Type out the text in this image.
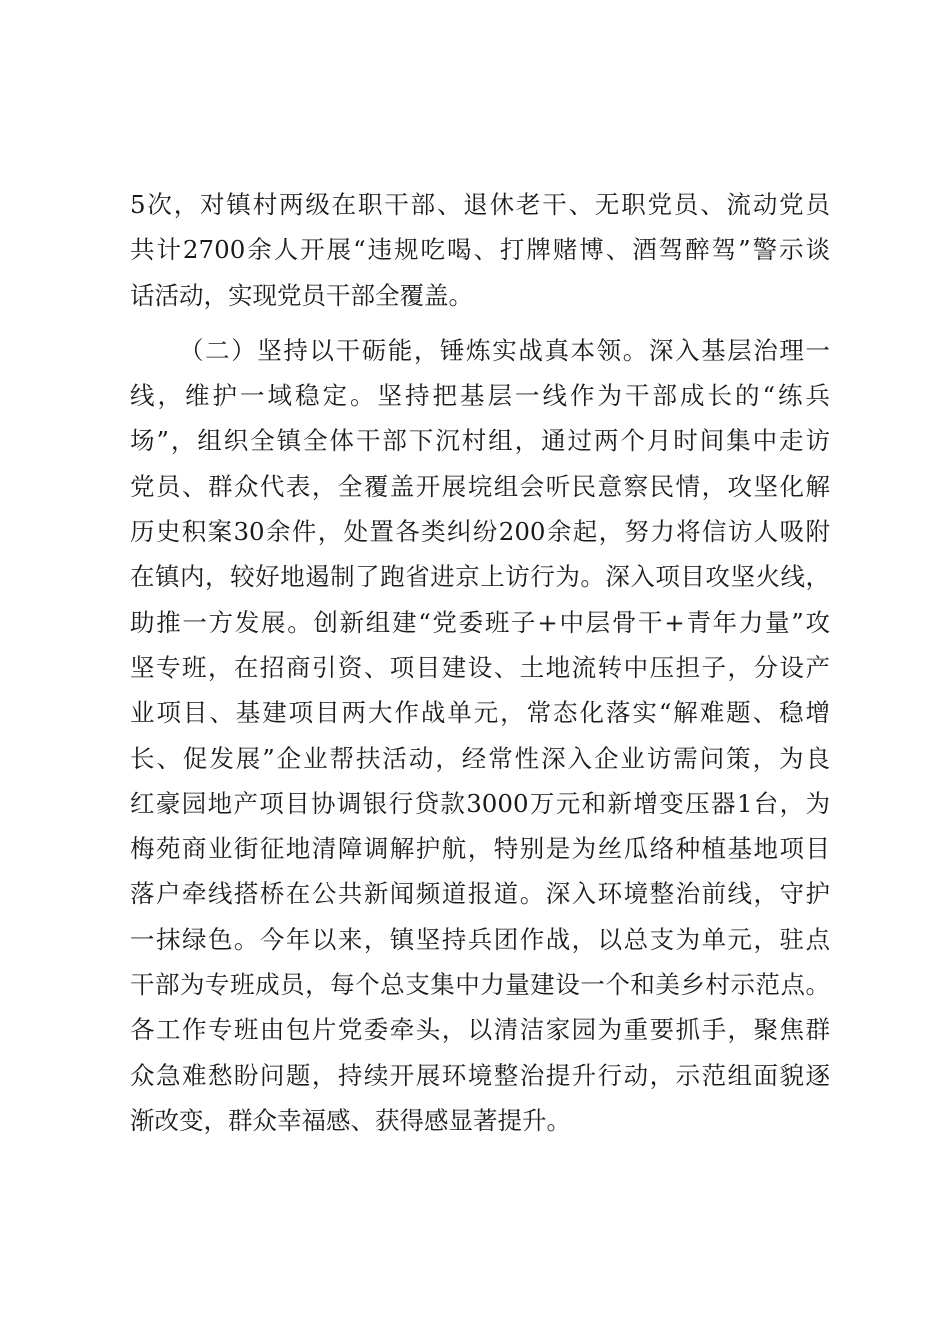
5次，对镇村两级在职干部、退休老干、无职党员、流动党员
共计2700余人开展“违规吃喝、打牌赌博、酒驾醉驾”警示谈
话活动，实现党员干部全覆盖。
（二）坚持以干砺能，锤炼实战真本领。深入基层治理一
线，维护一域稳定。坚持把基层一线作为干部成长的“练兵
场”，组织全镇全体干部下沉村组，通过两个月时间集中走访
党员、群众代表，全覆盖开展垸组会听民意察民情，攻坚化解
历史积案30余件，处置各类纠纷200余起，努力将信访人吸附
在镇内，较好地遏制了跑省进京上访行为。深入项目攻坚火线，
助推一方发展。创新组建“党委班子+中层骨干+青年力量”攻
坚专班，在招商引资、项目建设、土地流转中压担子，分设产
业项目、基建项目两大作战单元，常态化落实“解难题、稳增
长、促发展”企业帮扶活动，经常性深入企业访需问策，为良
红豪园地产项目协调银行贷款3000万元和新增变压器1台，为
梅苑商业街征地清障调解护航，特别是为丝瓜络种植基地项目
落户牵线搭桥在公共新闻频道报道。深入环境整治前线，守护
一抹绿色。今年以来，镇坚持兵团作战，以总支为单元，驻点
干部为专班成员，每个总支集中力量建设一个和美乡村示范点。
各工作专班由包片党委牵头，以清洁家园为重要抓手，聚焦群
众急难愁盼问题，持续开展环境整治提升行动，示范组面貌逐
渐改变，群众幸福感、获得感显著提升。
